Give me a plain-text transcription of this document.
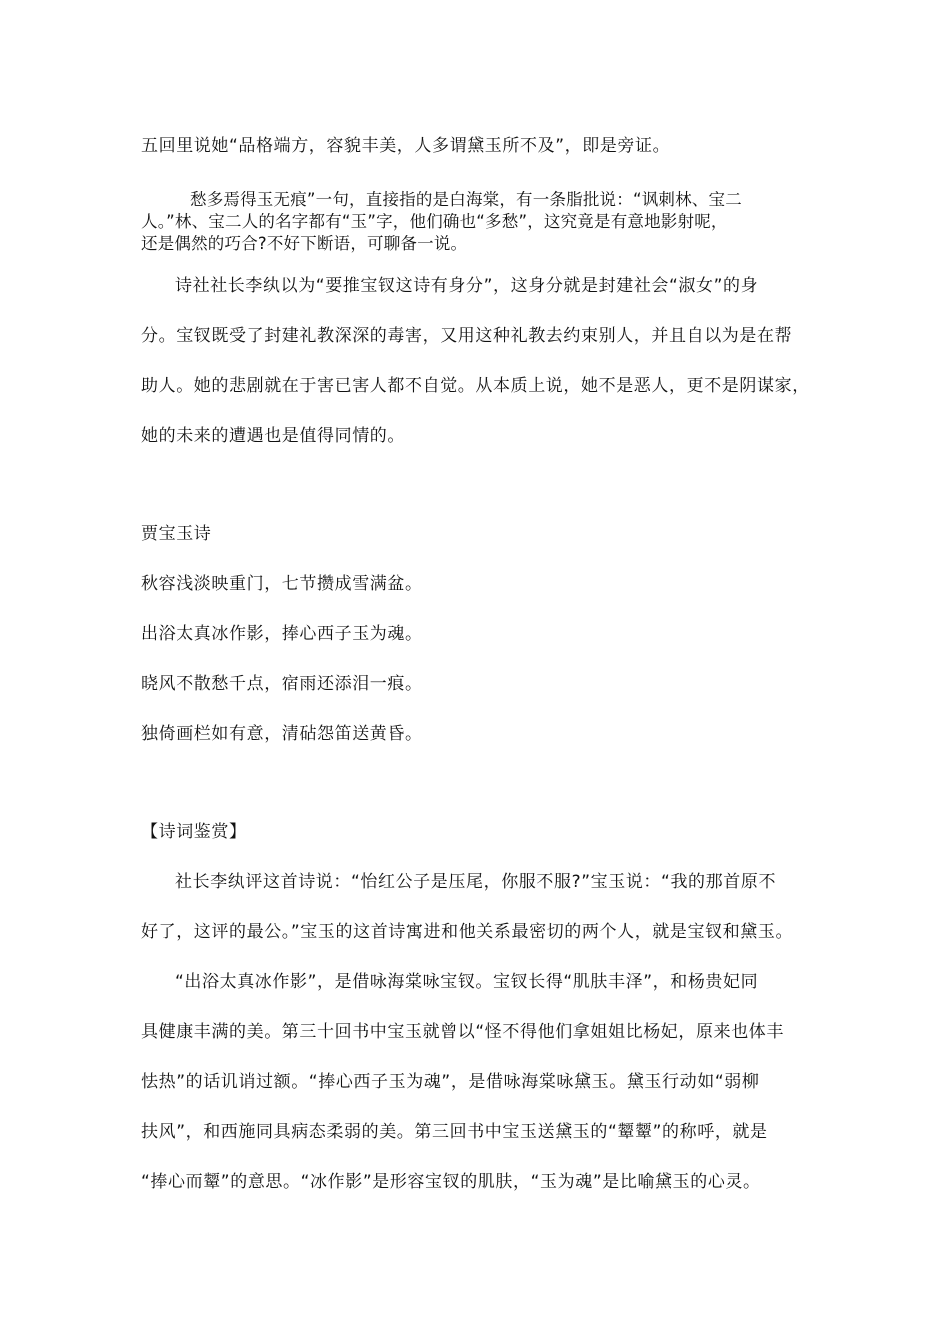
五回里说她“品格端方，容貌丰美，人多谓黛玉所不及”，即是旁证。
愁多焉得玉无痕”一句，直接指的是白海棠，有一条脂批说：“讽刺林、宝二
人。”林、宝二人的名字都有“玉”字，他们确也“多愁”，这究竟是有意地影射呢，
还是偶然的巧合?不好下断语，可聊备一说。
诗社社长李纨以为“要推宝钗这诗有身分”，这身分就是封建社会“淑女”的身
分。宝钗既受了封建礼教深深的毒害，又用这种礼教去约束别人，并且自以为是在帮
助人。她的悲剧就在于害已害人都不自觉。从本质上说，她不是恶人，更不是阴谋家，
她的未来的遭遇也是值得同情的。
贾宝玉诗
秋容浅淡映重门，七节攒成雪满盆。
出浴太真冰作影，捧心西子玉为魂。
晓风不散愁千点，宿雨还添泪一痕。
独倚画栏如有意，清砧怨笛送黄昏。
【诗词鉴赏】
社长李纨评这首诗说：“怡红公子是压尾，你服不服?”宝玉说：“我的那首原不
好了，这评的最公。”宝玉的这首诗寓进和他关系最密切的两个人，就是宝钗和黛玉。
“出浴太真冰作影”，是借咏海棠咏宝钗。宝钗长得“肌肤丰泽”，和杨贵妃同
具健康丰满的美。第三十回书中宝玉就曾以“怪不得他们拿姐姐比杨妃，原来也体丰
怯热”的话讥诮过额。“捧心西子玉为魂”，是借咏海棠咏黛玉。黛玉行动如“弱柳
扶风”，和西施同具病态柔弱的美。第三回书中宝玉送黛玉的“颦颦”的称呼，就是
“捧心而颦”的意思。“冰作影”是形容宝钗的肌肤，“玉为魂”是比喻黛玉的心灵。
